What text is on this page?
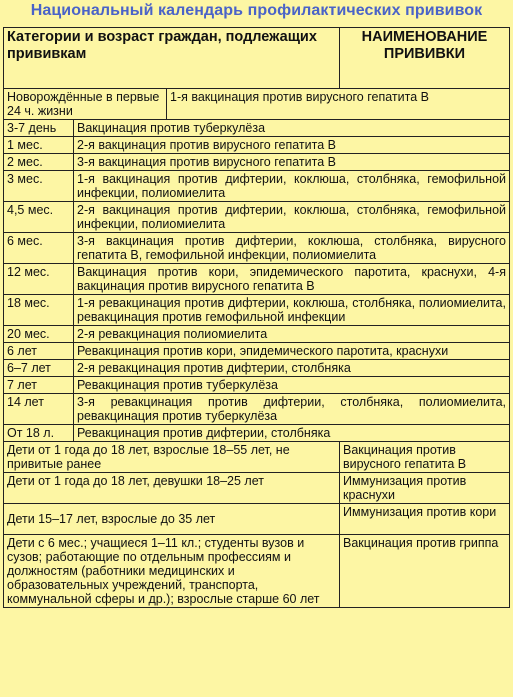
Национальный календарь профилактических прививок
Категории и возраст граждан, подлежащих прививкам			НАИМЕНОВАНИЕ ПРИВИВКИ
Новорождённые в первые 24 ч. жизни		1-я вакцинация против вирусного гепатита В	
3-7 день	Вакцинация против туберкулёза		
1 мес.	2-я вакцинация против вирусного гепатита В		
2 мес.	3-я вакцинация против вирусного гепатита В		
3 мес.	1-я вакцинация против дифтерии, коклюша, столбняка, гемофильной инфекции, полиомиелита		
4,5 мес.	2-я вакцинация против дифтерии, коклюша, столбняка, гемофильной инфекции, полиомиелита		
6 мес.	3-я вакцинация против дифтерии, коклюша, столбняка, вирусного гепатита В, гемофильной инфекции, полиомиелита		
12 мес.	Вакцинация против кори, эпидемического паротита, краснухи, 4-я вакцинация против вирусного гепатита В		
18 мес.	1-я ревакцинация против дифтерии, коклюша, столбняка, полиомиелита, ревакцинация против гемофильной инфекции		
20 мес.	2-я ревакцинация полиомиелита		
6 лет	Ревакцинация против кори, эпидемического паротита, краснухи		
6–7 лет	2-я ревакцинация против дифтерии, столбняка		
7 лет	Ревакцинация против туберкулёза		
14 лет	3-я ревакцинация против дифтерии, столбняка, полиомиелита, ревакцинация против туберкулёза		
От 18 л.	Ревакцинация против дифтерии, столбняка		
Дети от 1 года до 18 лет, взрослые 18–55 лет, не привитые ранее			Вакцинация против вирусного гепатита В
Дети от 1 года до 18 лет, девушки 18–25 лет			Иммунизация против краснухи
Дети 15–17 лет, взрослые до 35 лет			Иммунизация против кори
Дети с 6 мес.; учащиеся 1–11 кл.; студенты вузов и сузов; работающие по отдельным профессиям и должностям (работники медицинских и образовательных учреждений, транспорта, коммунальной сферы и др.); взрослые старше 60 лет			Вакцинация против гриппа
